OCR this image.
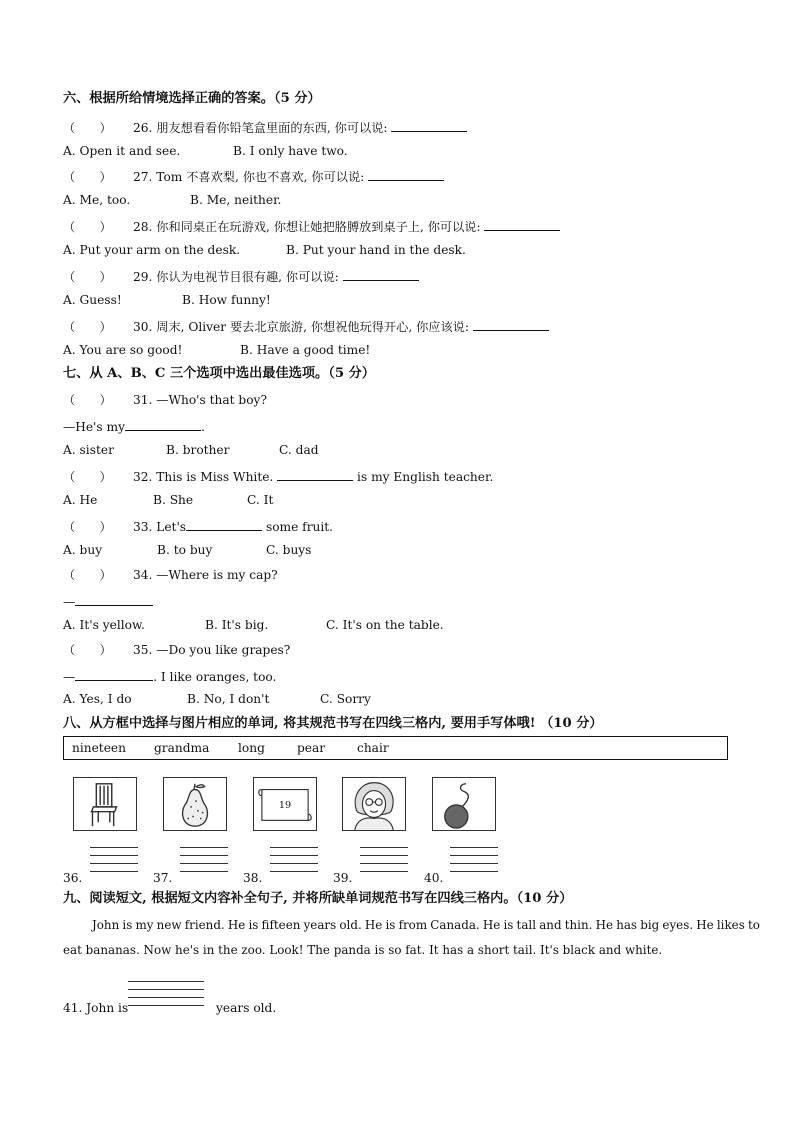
六、根据所给情境选择正确的答案。（5 分）
（　　） 26. 朋友想看看你铅笔盒里面的东西, 你可以说:
A. Open it and see.	B. I only have two.
（　　） 27. Tom 不喜欢梨, 你也不喜欢, 你可以说:
A. Me, too.	B. Me, neither.
（　　） 28. 你和同桌正在玩游戏, 你想让她把胳膊放到桌子上, 你可以说:
A. Put your arm on the desk.	B. Put your hand in the desk.
（　　） 29. 你认为电视节目很有趣, 你可以说:
A. Guess!	B. How funny!
（　　） 30. 周末, Oliver 要去北京旅游, 你想祝他玩得开心, 你应该说:
A. You are so good!	B. Have a good time!
七、从 A、B、C 三个选项中选出最佳选项。（5 分）
（　　） 31. —Who's that boy?
—He's my	.
A. sister	B. brother	C. dad
（　　） 32. This is Miss White.	is my English teacher.
A. He	B. She	C. It
（　　） 33. Let's	some fruit.
A. buy	B. to buy	C. buys
（　　） 34. —Where is my cap?
—
A. It's yellow.	B. It's big.	C. It's on the table.
（　　） 35. —Do you like grapes?
—	. I like oranges, too.
A. Yes, I do	B. No, I don't	C. Sorry
八、从方框中选择与图片相应的单词, 将其规范书写在四线三格内, 要用手写体哦! （10 分）
nineteen grandma long	pear	chair
19
36.	37.	38.	39.	40.
九、阅读短文, 根据短文内容补全句子, 并将所缺单词规范书写在四线三格内。（10 分）
John is my new friend. He is fifteen years old. He is from Canada. He is tall and thin. He has big eyes. He likes to
eat bananas. Now he's in the zoo. Look! The panda is so fat. It has a short tail. It's black and white.
41. John is	years old.
